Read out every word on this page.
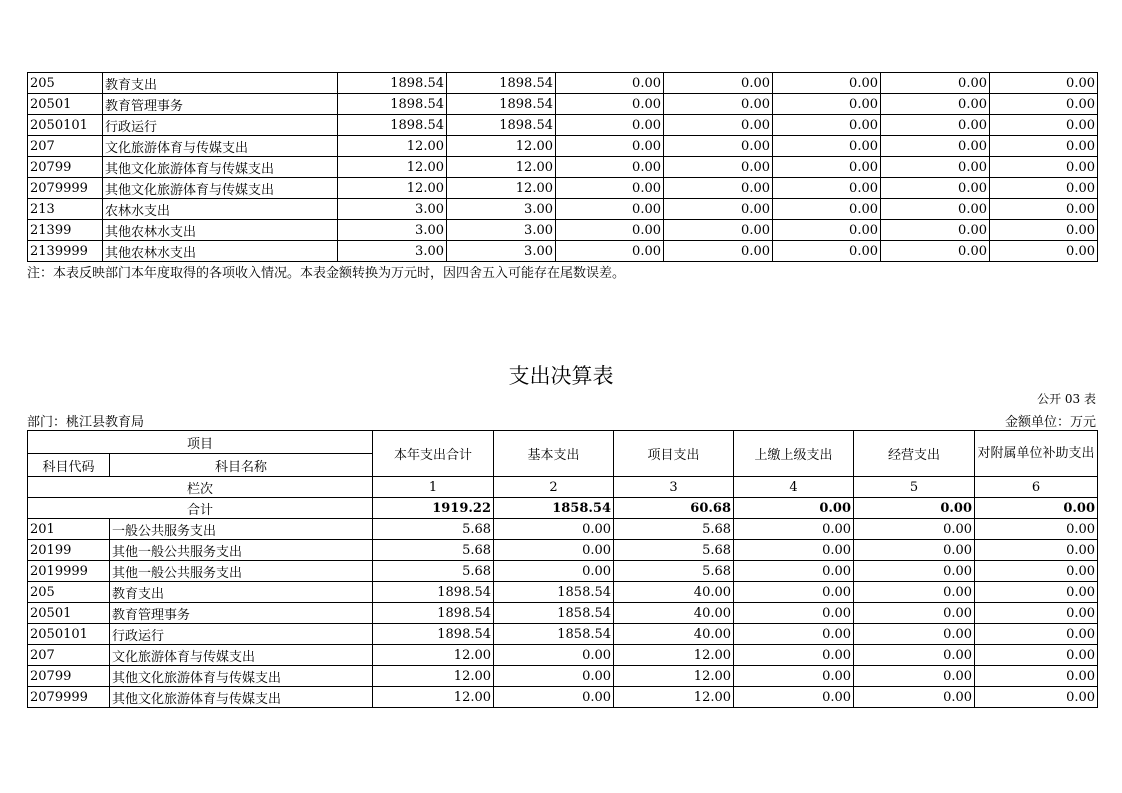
205	教育支出	1898.54	1898.54	0.00	0.00	0.00	0.00	0.00
20501	教育管理事务	1898.54	1898.54	0.00	0.00	0.00	0.00	0.00
2050101	行政运行	1898.54	1898.54	0.00	0.00	0.00	0.00	0.00
207	文化旅游体育与传媒支出	12.00	12.00	0.00	0.00	0.00	0.00	0.00
20799	其他文化旅游体育与传媒支出	12.00	12.00	0.00	0.00	0.00	0.00	0.00
2079999	其他文化旅游体育与传媒支出	12.00	12.00	0.00	0.00	0.00	0.00	0.00
213	农林水支出	3.00	3.00	0.00	0.00	0.00	0.00	0.00
21399	其他农林水支出	3.00	3.00	0.00	0.00	0.00	0.00	0.00
2139999	其他农林水支出	3.00	3.00	0.00	0.00	0.00	0.00	0.00
注：本表反映部门本年度取得的各项收入情况。本表金额转换为万元时，因四舍五入可能存在尾数误差。
支出决算表
公开 03 表
部门：桃江县教育局	金额单位：万元
项目		本年支出合计	基本支出	项目支出	上缴上级支出	经营支出	对附属单位补助支出
科目代码	科目名称						
栏次		1	2	3	4	5	6
合计		1919.22	1858.54	60.68	0.00	0.00	0.00
201	一般公共服务支出	5.68	0.00	5.68	0.00	0.00	0.00
20199	其他一般公共服务支出	5.68	0.00	5.68	0.00	0.00	0.00
2019999	其他一般公共服务支出	5.68	0.00	5.68	0.00	0.00	0.00
205	教育支出	1898.54	1858.54	40.00	0.00	0.00	0.00
20501	教育管理事务	1898.54	1858.54	40.00	0.00	0.00	0.00
2050101	行政运行	1898.54	1858.54	40.00	0.00	0.00	0.00
207	文化旅游体育与传媒支出	12.00	0.00	12.00	0.00	0.00	0.00
20799	其他文化旅游体育与传媒支出	12.00	0.00	12.00	0.00	0.00	0.00
2079999	其他文化旅游体育与传媒支出	12.00	0.00	12.00	0.00	0.00	0.00
